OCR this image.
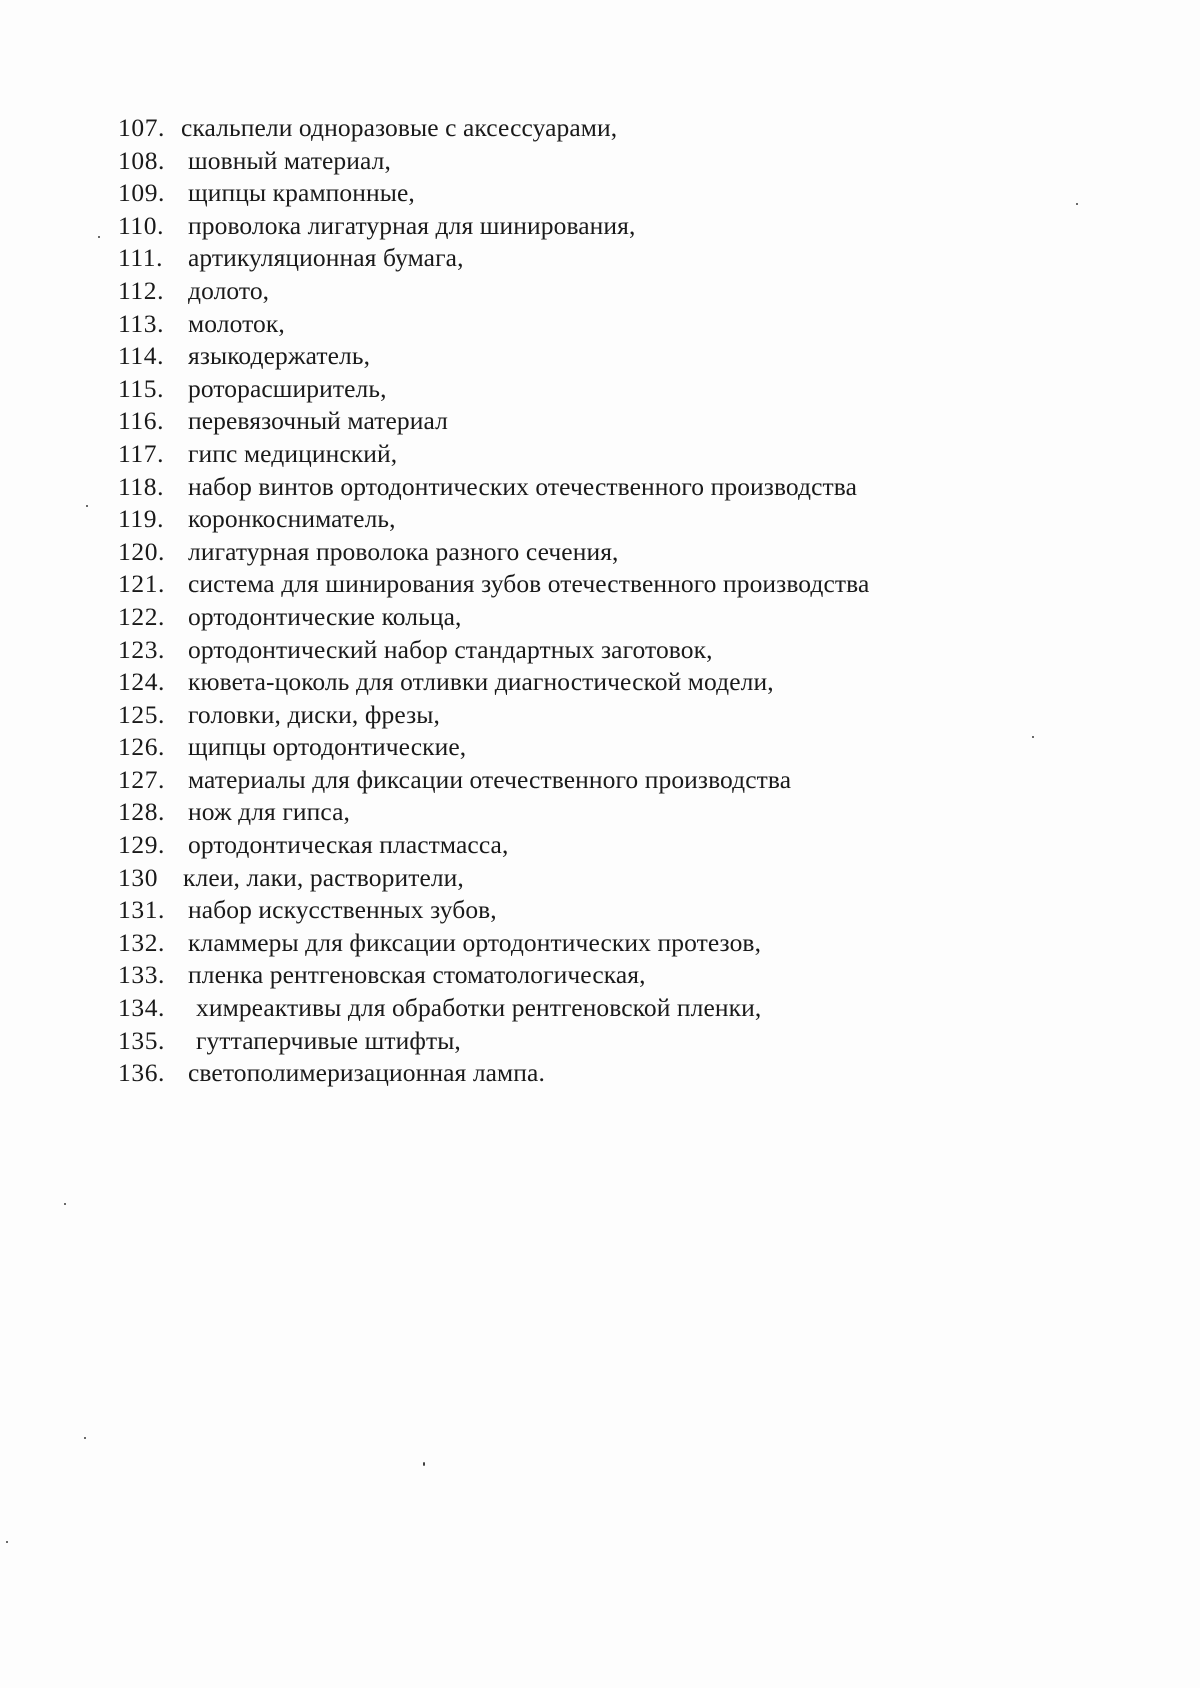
107. скальпели одноразовые с аксессуарами,
108. шовный материал,
109. щипцы крампонные,
110. проволока лигатурная для шинирования,
111. артикуляционная бумага,
112. долото,
113. молоток,
114. языкодержатель,
115. роторасширитель,
116. перевязочный материал
117. гипс медицинский,
118. набор винтов ортодонтических отечественного производства
119. коронкосниматель,
120. лигатурная проволока разного сечения,
121. система для шинирования зубов отечественного производства
122. ортодонтические кольца,
123. ортодонтический набор стандартных заготовок,
124. кювета-цоколь для отливки диагностической модели,
125. головки, диски, фрезы,
126. щипцы ортодонтические,
127. материалы для фиксации отечественного производства
128. нож для гипса,
129. ортодонтическая пластмасса,
130 клеи, лаки, растворители,
131. набор искусственных зубов,
132. кламмеры для фиксации ортодонтических протезов,
133. пленка рентгеновская стоматологическая,
134.	химреактивы для обработки рентгеновской пленки,
135.	гуттаперчивые штифты,
136. светополимеризационная лампа.
